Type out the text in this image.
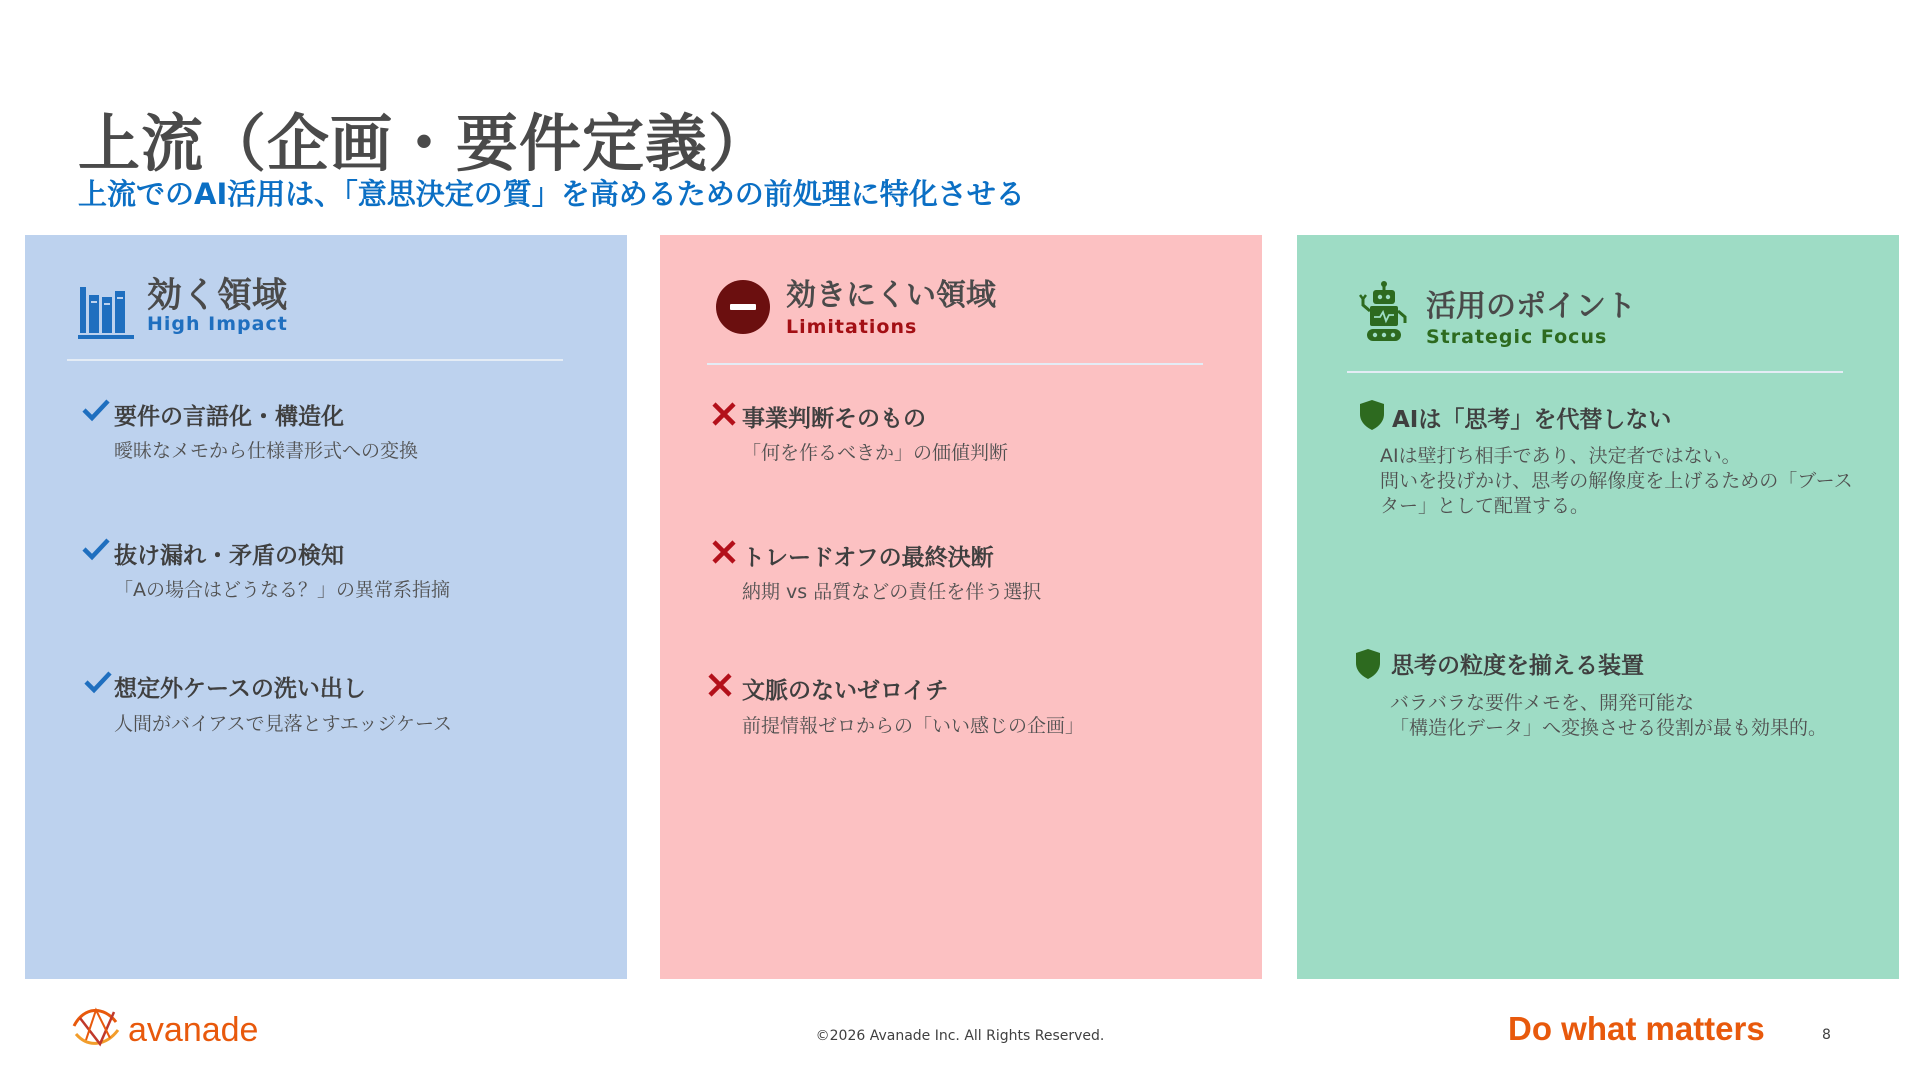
上流（企画・要件定義）
上流でのAI活用は、「意思決定の質」を高めるための前処理に特化させる
効く領域
High Impact
要件の言語化・構造化
曖昧なメモから仕様書形式への変換
抜け漏れ・矛盾の検知
「Aの場合はどうなる？」の異常系指摘
想定外ケースの洗い出し
人間がバイアスで見落とすエッジケース
効きにくい領域
Limitations
事業判断そのもの
「何を作るべきか」の価値判断
トレードオフの最終決断
納期 vs 品質などの責任を伴う選択
文脈のないゼロイチ
前提情報ゼロからの「いい感じの企画」
活用のポイント
Strategic Focus
AIは「思考」を代替しない
AIは壁打ち相手であり、決定者ではない。
問いを投げかけ、思考の解像度を上げるための「ブース
ター」として配置する。
思考の粒度を揃える装置
バラバラな要件メモを、開発可能な
「構造化データ」へ変換させる役割が最も効果的。
avanade	©2026 Avanade Inc. All Rights Reserved.	Do what matters	8
